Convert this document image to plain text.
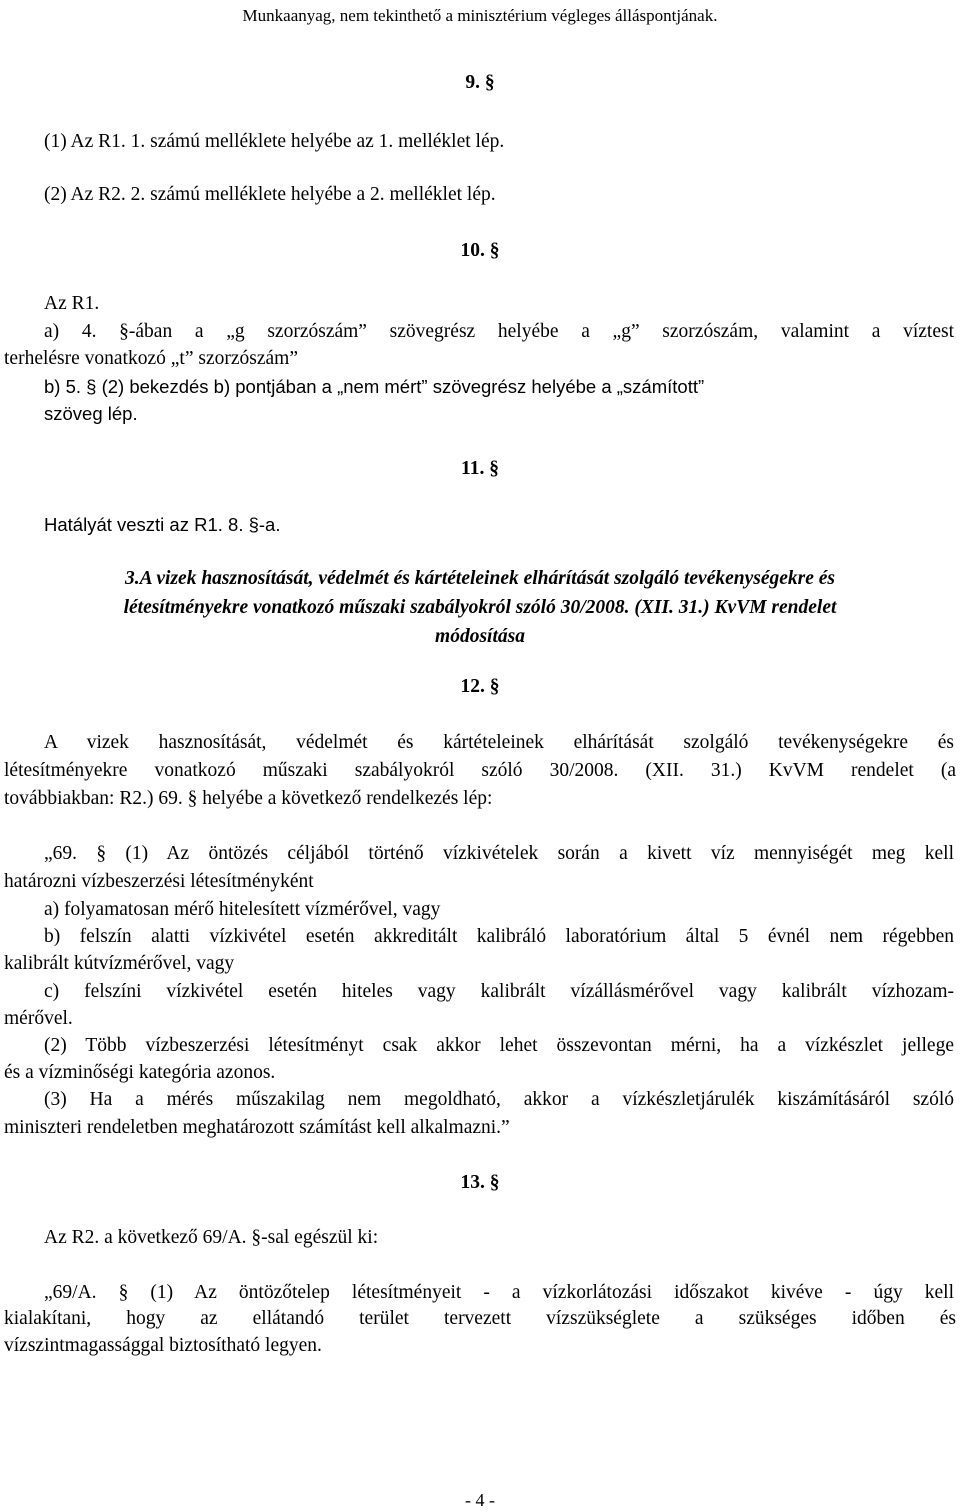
Munkaanyag, nem tekinthető a minisztérium végleges álláspontjának.
9. §
(1) Az R1. 1. számú melléklete helyébe az 1. melléklet lép.
(2) Az R2. 2. számú melléklete helyébe a 2. melléklet lép.
10. §
Az R1.
a) 4. §-ában a „g szorzószám” szövegrész helyébe a „g” szorzószám, valamint a víztest
terhelésre vonatkozó „t” szorzószám”
b) 5. § (2) bekezdés b) pontjában a „nem mért” szövegrész helyébe a „számított”
szöveg lép.
11. §
Hatályát veszti az R1. 8. §-a.
3.A vizek hasznosítását, védelmét és kártételeinek elhárítását szolgáló tevékenységekre és
létesítményekre vonatkozó műszaki szabályokról szóló 30/2008. (XII. 31.) KvVM rendelet
módosítása
12. §
A vizek hasznosítását, védelmét és kártételeinek elhárítását szolgáló tevékenységekre és
létesítményekre vonatkozó műszaki szabályokról szóló 30/2008. (XII. 31.) KvVM rendelet (a
továbbiakban: R2.) 69. § helyébe a következő rendelkezés lép:
„69. § (1) Az öntözés céljából történő vízkivételek során a kivett víz mennyiségét meg kell
határozni vízbeszerzési létesítményként
a) folyamatosan mérő hitelesített vízmérővel, vagy
b) felszín alatti vízkivétel esetén akkreditált kalibráló laboratórium által 5 évnél nem régebben
kalibrált kútvízmérővel, vagy
c) felszíni vízkivétel esetén hiteles vagy kalibrált vízállásmérővel vagy kalibrált vízhozam-
mérővel.
(2) Több vízbeszerzési létesítményt csak akkor lehet összevontan mérni, ha a vízkészlet jellege
és a vízminőségi kategória azonos.
(3) Ha a mérés műszakilag nem megoldható, akkor a vízkészletjárulék kiszámításáról szóló
miniszteri rendeletben meghatározott számítást kell alkalmazni.”
13. §
Az R2. a következő 69/A. §-sal egészül ki:
„69/A. § (1) Az öntözőtelep létesítményeit - a vízkorlátozási időszakot kivéve - úgy kell
kialakítani, hogy az ellátandó terület tervezett vízszükséglete a szükséges időben és
vízszintmagassággal biztosítható legyen.
- 4 -
